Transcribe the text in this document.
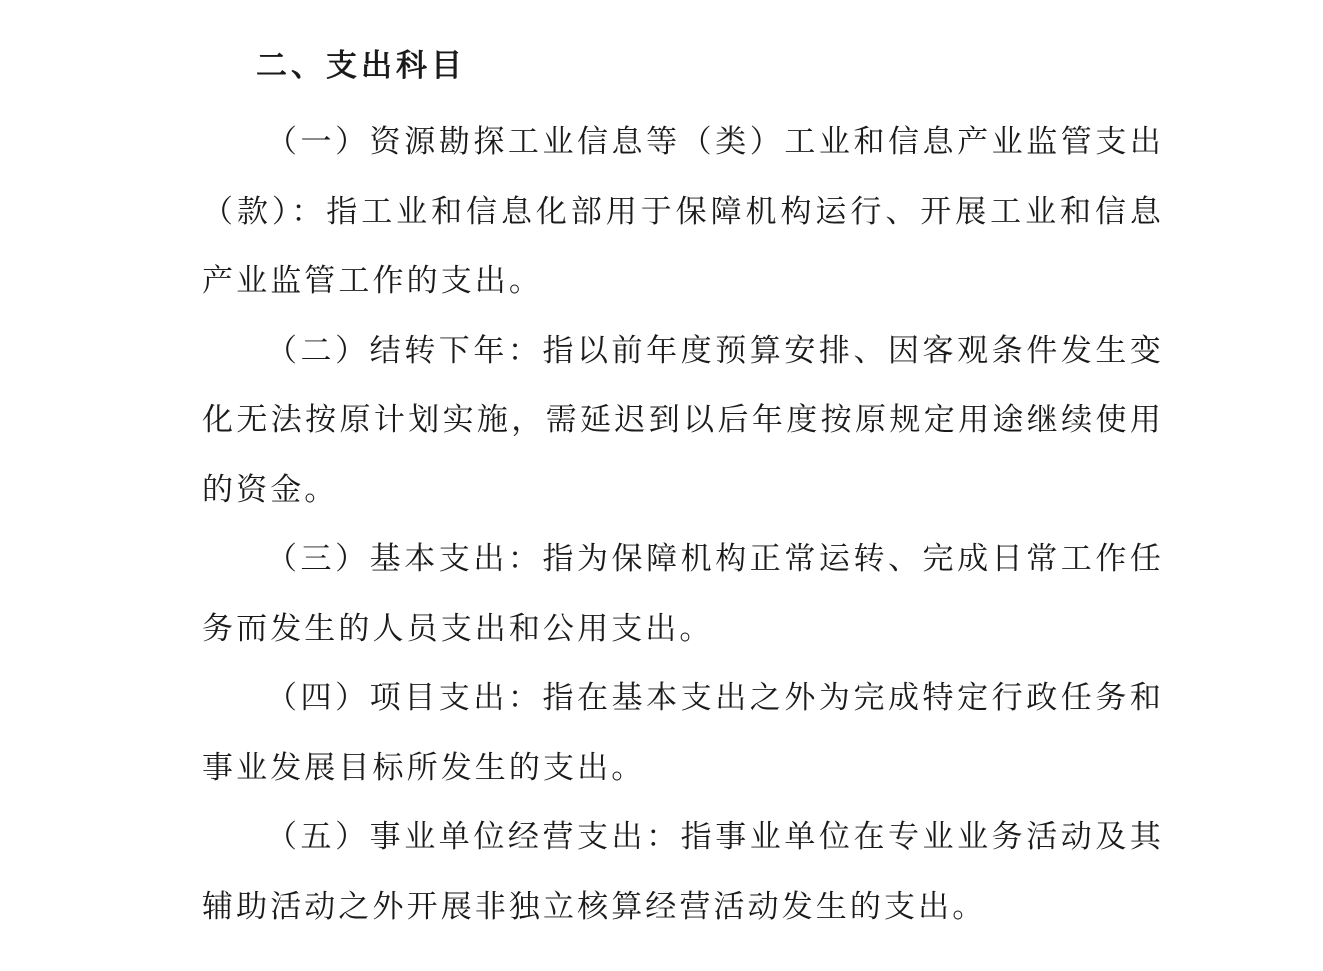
二、支出科目

（一）资源勘探工业信息等（类）工业和信息产业监管支出（款）：指工业和信息化部用于保障机构运行、开展工业和信息产业监管工作的支出。

（二）结转下年：指以前年度预算安排、因客观条件发生变化无法按原计划实施，需延迟到以后年度按原规定用途继续使用的资金。

（三）基本支出：指为保障机构正常运转、完成日常工作任务而发生的人员支出和公用支出。

（四）项目支出：指在基本支出之外为完成特定行政任务和事业发展目标所发生的支出。

（五）事业单位经营支出：指事业单位在专业业务活动及其辅助活动之外开展非独立核算经营活动发生的支出。
